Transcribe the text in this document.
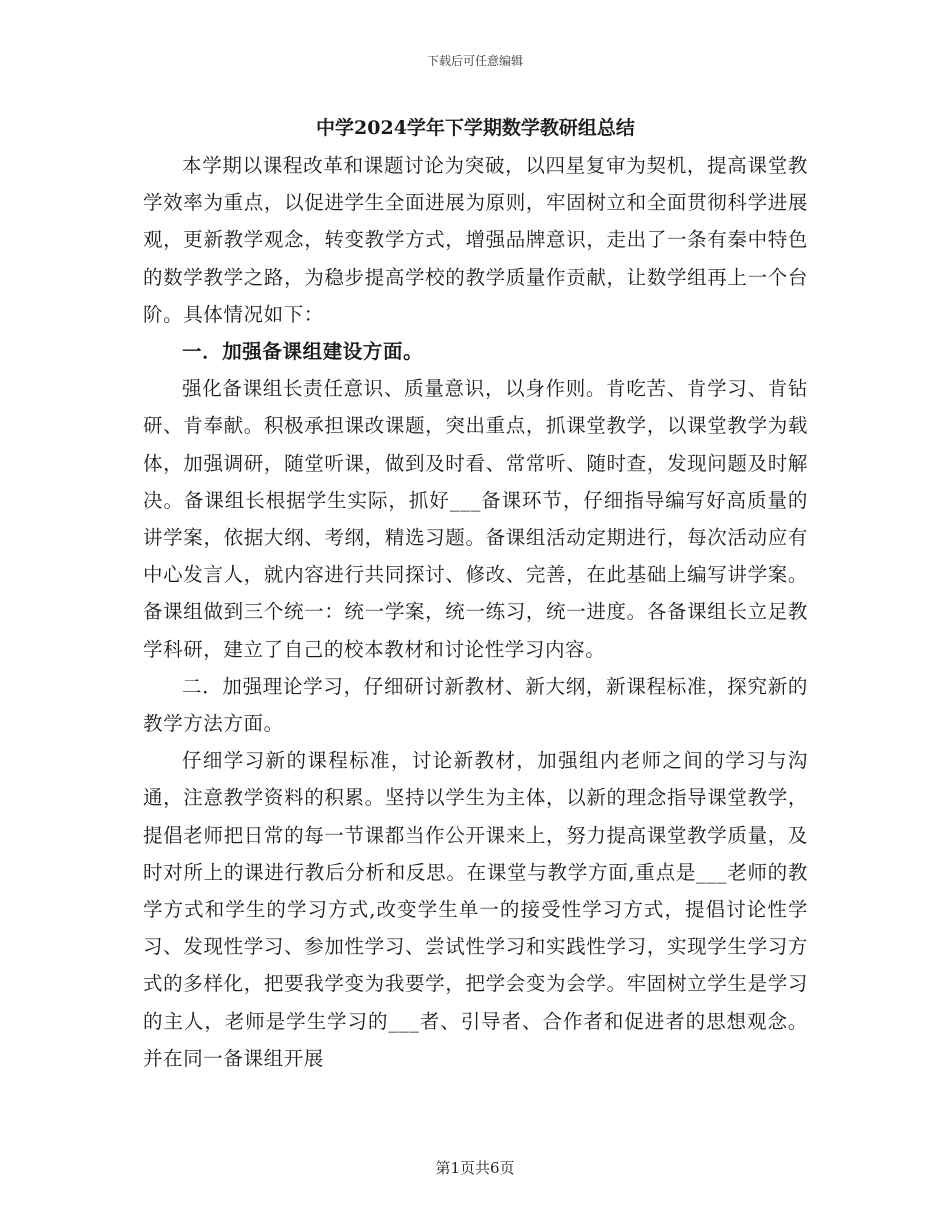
下载后可任意编辑

中学2024学年下学期数学教研组总结

本学期以课程改革和课题讨论为突破，以四星复审为契机，提高课堂教学效率为重点，以促进学生全面进展为原则，牢固树立和全面贯彻科学进展观，更新教学观念，转变教学方式，增强品牌意识，走出了一条有秦中特色的数学教学之路，为稳步提高学校的教学质量作贡献，让数学组再上一个台阶。具体情况如下：

一．加强备课组建设方面。

强化备课组长责任意识、质量意识，以身作则。肯吃苦、肯学习、肯钻研、肯奉献。积极承担课改课题，突出重点，抓课堂教学，以课堂教学为载体，加强调研，随堂听课，做到及时看、常常听、随时查，发现问题及时解决。备课组长根据学生实际，抓好___备课环节，仔细指导编写好高质量的讲学案，依据大纲、考纲，精选习题。备课组活动定期进行，每次活动应有中心发言人，就内容进行共同探讨、修改、完善，在此基础上编写讲学案。备课组做到三个统一：统一学案，统一练习，统一进度。各备课组长立足教学科研，建立了自己的校本教材和讨论性学习内容。

二．加强理论学习，仔细研讨新教材、新大纲，新课程标准，探究新的教学方法方面。

仔细学习新的课程标准，讨论新教材，加强组内老师之间的学习与沟通，注意教学资料的积累。坚持以学生为主体，以新的理念指导课堂教学，提倡老师把日常的每一节课都当作公开课来上，努力提高课堂教学质量，及时对所上的课进行教后分析和反思。在课堂与教学方面,重点是___老师的教学方式和学生的学习方式,改变学生单一的接受性学习方式，提倡讨论性学习、发现性学习、参加性学习、尝试性学习和实践性学习，实现学生学习方式的多样化，把要我学变为我要学，把学会变为会学。牢固树立学生是学习的主人，老师是学生学习的___者、引导者、合作者和促进者的思想观念。并在同一备课组开展

第1页共6页
